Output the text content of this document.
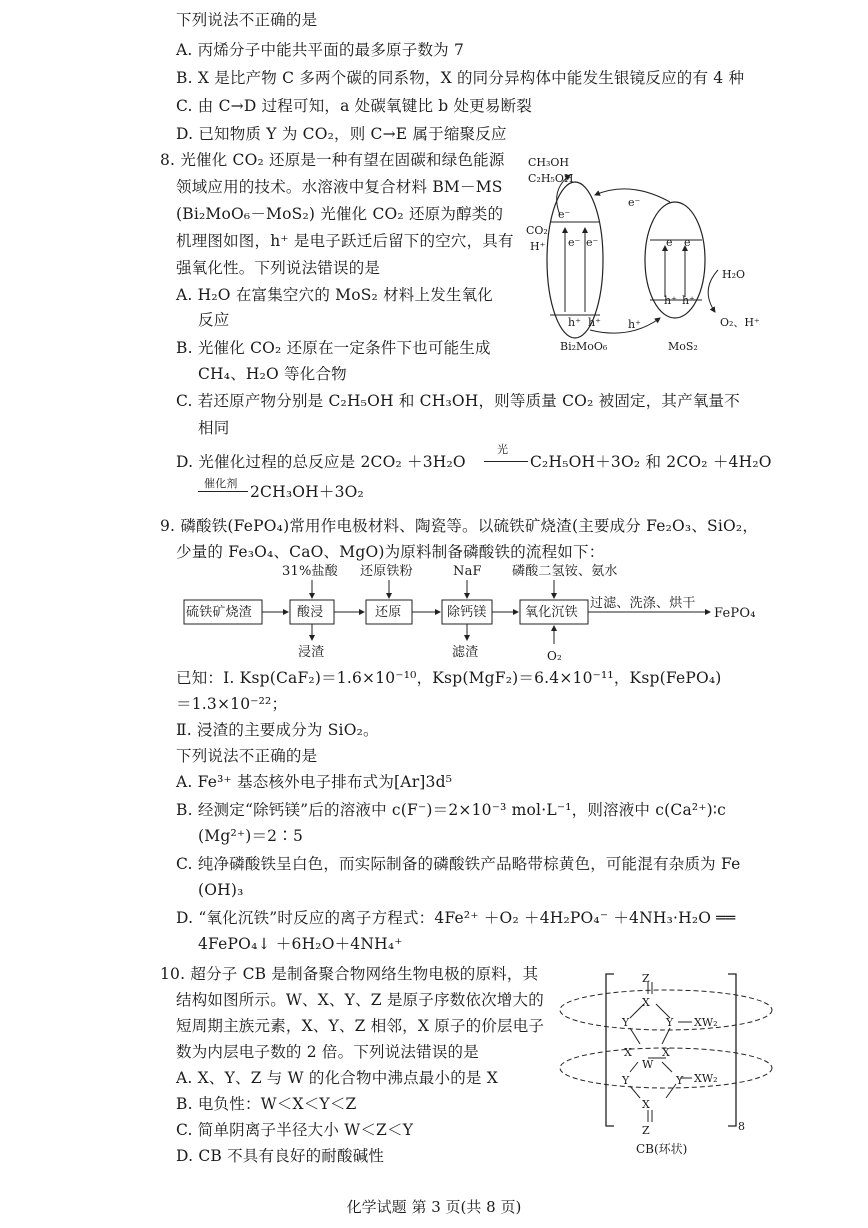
下列说法不正确的是
A. 丙烯分子中能共平面的最多原子数为 7
B. X 是比产物 C 多两个碳的同系物，X 的同分异构体中能发生银镜反应的有 4 种
C. 由 C→D 过程可知，a 处碳氧键比 b 处更易断裂
D. 已知物质 Y 为 CO₂，则 C→E 属于缩聚反应
8. 光催化 CO₂ 还原是一种有望在固碳和绿色能源
领域应用的技术。水溶液中复合材料 BM－MS
(Bi₂MoO₆－MoS₂) 光催化 CO₂ 还原为醇类的
机理图如图，h⁺ 是电子跃迁后留下的空穴，具有
强氧化性。下列说法错误的是
A. H₂O 在富集空穴的 MoS₂ 材料上发生氧化
反应
B. 光催化 CO₂ 还原在一定条件下也可能生成
CH₄、H₂O 等化合物
C. 若还原产物分别是 C₂H₅OH 和 CH₃OH，则等质量 CO₂ 被固定，其产氧量不
相同
D. 光催化过程的总反应是 2CO₂ ＋3H₂O
光
C₂H₅OH＋3O₂ 和 2CO₂ ＋4H₂O
催化剂 2CH₃OH＋3O₂
CH₃OH
C₂H₅OH
CO₂
H⁺
e⁻
e⁻
e⁻ e⁻	e⁻ e⁻
h⁺ h⁺
h⁺ h⁺
h⁺
H₂O
O₂、H⁺
Bi₂MoO₆	MoS₂
9. 磷酸铁(FePO₄)常用作电极材料、陶瓷等。以硫铁矿烧渣(主要成分 Fe₂O₃、SiO₂，
少量的 Fe₃O₄、CaO、MgO)为原料制备磷酸铁的流程如下：
31%盐酸 还原铁粉	NaF 磷酸二氢铵、氨水
硫铁矿烧渣	酸浸	还原	除钙镁	氧化沉铁
过滤、洗涤、烘干
FePO₄
浸渣	滤渣	O₂
已知：Ⅰ. Ksp(CaF₂)＝1.6×10⁻¹⁰，Ksp(MgF₂)＝6.4×10⁻¹¹，Ksp(FePO₄)
＝1.3×10⁻²²；
Ⅱ. 浸渣的主要成分为 SiO₂。
下列说法不正确的是
A. Fe³⁺ 基态核外电子排布式为[Ar]3d⁵
B. 经测定“除钙镁”后的溶液中 c(F⁻)＝2×10⁻³ mol·L⁻¹，则溶液中 c(Ca²⁺)∶c
(Mg²⁺)＝2∶5
C. 纯净磷酸铁呈白色，而实际制备的磷酸铁产品略带棕黄色，可能混有杂质为 Fe
(OH)₃
D. “氧化沉铁”时反应的离子方程式：4Fe²⁺ ＋O₂ ＋4H₂PO₄⁻ ＋4NH₃·H₂O ══
4FePO₄↓ ＋6H₂O＋4NH₄⁺
10. 超分子 CB 是制备聚合物网络生物电极的原料，其
结构如图所示。W、X、Y、Z 是原子序数依次增大的
短周期主族元素，X、Y、Z 相邻，X 原子的价层电子
数为内层电子数的 2 倍。下列说法错误的是
A. X、Y、Z 与 W 的化合物中沸点最小的是 X
B. 电负性：W＜X＜Y＜Z
C. 简单阴离子半径大小 W＜Z＜Y
D. CB 不具有良好的耐酸碱性
Z
X
Y	Y XW₂
X	X
W
Y	Y XW₂
X
Z	8
CB(环状)
化学试题 第 3 页(共 8 页)
